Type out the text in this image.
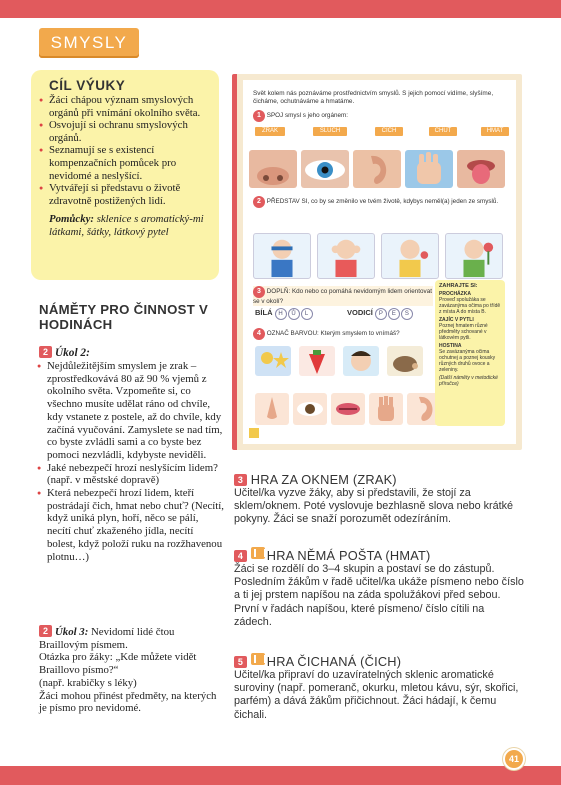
SMYSLY
CÍL VÝUKY
● Žáci chápou význam smyslových orgánů při vnímání okolního světa.
● Osvojují si ochranu smyslových orgánů.
● Seznamují se s existencí kompenzačních pomůcek pro nevidomé a neslyšící.
● Vytvářejí si představu o životě zdravotně postižených lidí.
Pomůcky: sklenice s aromatický-mi látkami, šátky, látkový pytel
NÁMĚTY PRO ČINNOST V HODINÁCH
2 Úkol 2:
● Nejdůležitějším smyslem je zrak – zprostředkovává 80 až 90 % vjemů z okolního světa. Vzpomeňte si, co všechno musíte udělat ráno od chvíle, kdy vstanete z postele, až do chvíle, kdy začíná vyučování. Zamyslete se nad tím, co byste zvládli sami a co byste bez pomoci nezvládli, kdybyste neviděli.
● Jaké nebezpečí hrozí neslyšícím lidem? (např. v městské dopravě)
● Která nebezpečí hrozí lidem, kteří postrádají čich, hmat nebo chuť? (Necítí, když uniká plyn, hoří, něco se pálí, necítí chuť zkaženého jídla, necítí bolest, když položí ruku na rozžhavenou plotnu…)
2 Úkol 3: Nevidomí lidé čtou Braillovým písmem.
Otázka pro žáky: „Kde můžete vidět Braillovo písmo?“
(např. krabičky s léky)
Žáci mohou přinést předměty, na kterých je písmo pro nevidomé.
Svět kolem nás poznáváme prostřednictvím smyslů. S jejich pomocí vidíme, slyšíme, čicháme, ochutnáváme a hmatáme.
1 SPOJ smysl s jeho orgánem:
ZRAK	SLUCH	ČICH	CHUŤ	HMAT
2 PŘEDSTAV SI, co by se změnilo ve tvém životě, kdybys neměl(a) jeden ze smyslů.
3 DOPLŇ: Kdo nebo co pomáhá nevidomým lidem orientovat se v okolí?
BÍLÁ H Ů L	VODICÍ P E S
4 OZNAČ BARVOU: Kterým smyslem to vnímáš?
ZAHRAJTE SI:
PROCHÁZKA
Proveď spolužáka se zavázanýma očima po třídě z místa A do místa B.
ZAJÍC V PYTLI
Poznej hmatem různé předměty schované v látkovém pytli.
HOSTINA
Se zavázanýma očima ochutnej a poznej kousky různých druhů ovoce a zeleniny.
(Další náměty v metodické příručce)
3 HRA ZA OKNEM (ZRAK)
Učitel/ka vyzve žáky, aby si představili, že stojí za sklem/oknem. Poté vyslovuje bezhlasně slova nebo krátké pokyny. Žáci se snaží porozumět odezíráním.
4 HRA NĚMÁ POŠTA (HMAT)
Žáci se rozdělí do 3–4 skupin a postaví se do zástupů. Posledním žákům v řadě učitel/ka ukáže písmeno nebo číslo a ti jej prstem napíšou na záda spolužákovi před sebou. První v řadách napíšou, které písmeno/ číslo cítili na zádech.
5 HRA ČICHANÁ (ČICH)
Učitel/ka připraví do uzavíratelných sklenic aromatické suroviny (např. pomeranč, okurku, mletou kávu, sýr, skořici, parfém) a dává žákům přičichnout. Žáci hádají, k čemu čichali.
41
